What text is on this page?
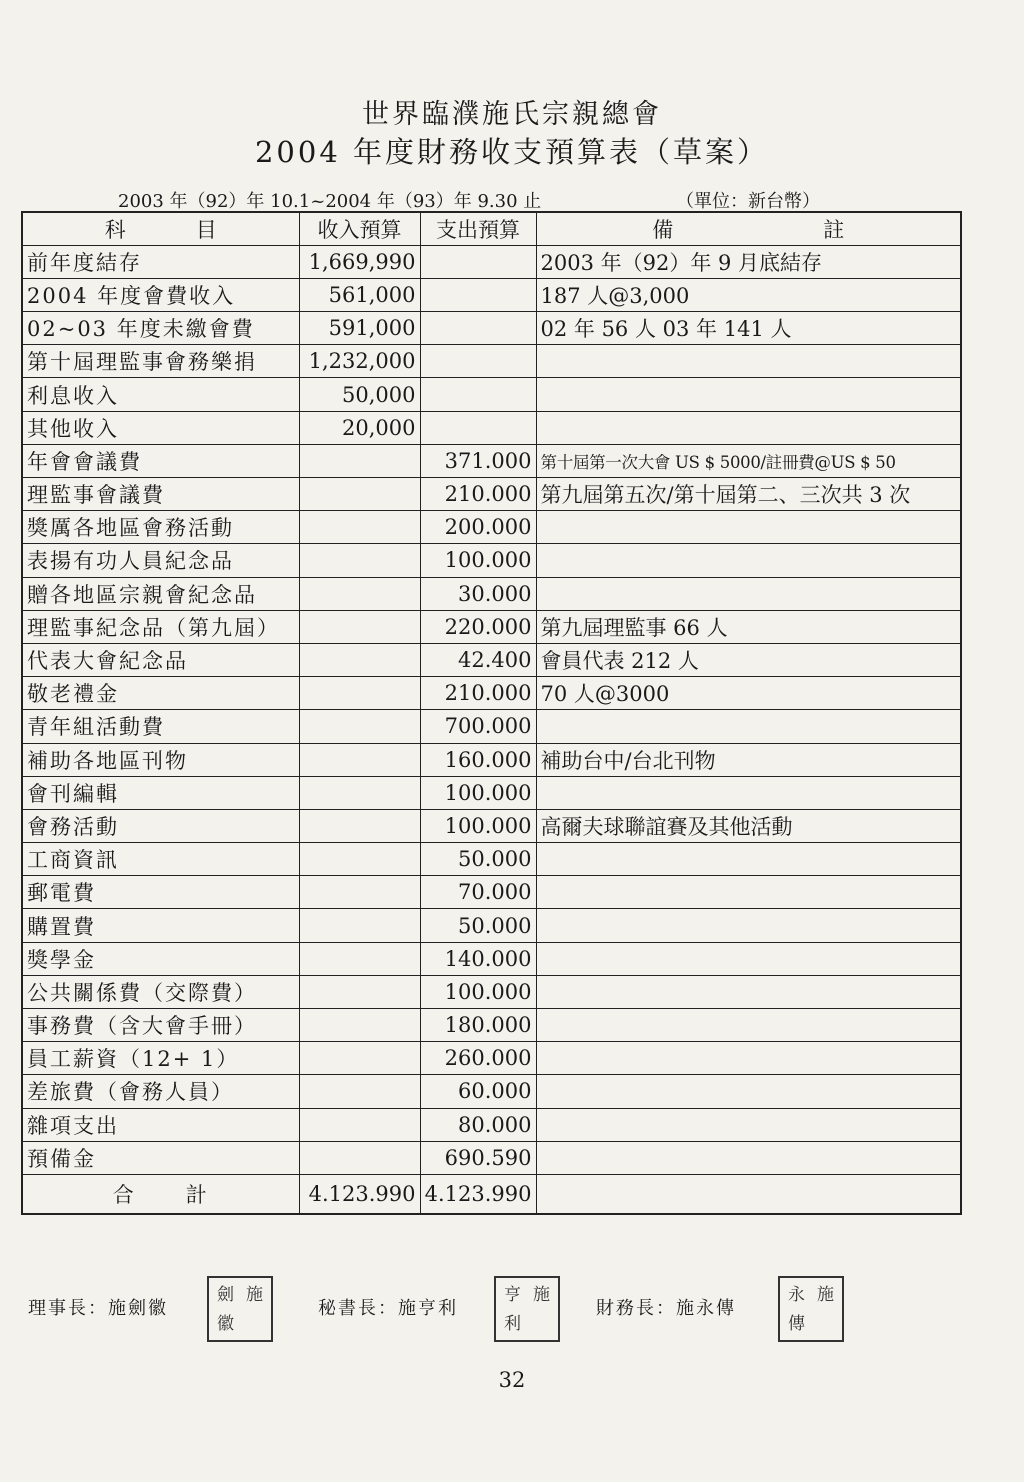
世界臨濮施氏宗親總會
2004 年度財務收支預算表（草案）
2003 年（92）年 10.1~2004 年（93）年 9.30 止	（單位：新台幣）
科 目	收入預算	支出預算	備 註
前年度結存	1,669,990		2003 年（92）年 9 月底結存
2004 年度會費收入	561,000		187 人@3,000
02~03 年度未繳會費	591,000		02 年 56 人 03 年 141 人
第十屆理監事會務樂捐	1,232,000		
利息收入	50,000		
其他收入	20,000		
年會會議費		371.000	第十屆第一次大會 US $ 5000/註冊費@US $ 50
理監事會議費		210.000	第九屆第五次/第十屆第二、三次共 3 次
獎厲各地區會務活動		200.000	
表揚有功人員紀念品		100.000	
贈各地區宗親會紀念品		30.000	
理監事紀念品（第九屆）		220.000	第九屆理監事 66 人
代表大會紀念品		42.400	會員代表 212 人
敬老禮金		210.000	70 人@3000
青年組活動費		700.000	
補助各地區刊物		160.000	補助台中/台北刊物
會刊編輯		100.000	
會務活動		100.000	高爾夫球聯誼賽及其他活動
工商資訊		50.000	
郵電費		70.000	
購置費		50.000	
獎學金		140.000	
公共關係費（交際費）		100.000	
事務費（含大會手冊）		180.000	
員工薪資（12+ 1）		260.000	
差旅費（會務人員）		60.000	
雜項支出		80.000	
預備金		690.590	
合 計	4.123.990	4.123.990	
理事長：施劍徽
劍 施
徽
秘書長：施亨利
亨 施
利
財務長：施永傳
永 施
傳
32
